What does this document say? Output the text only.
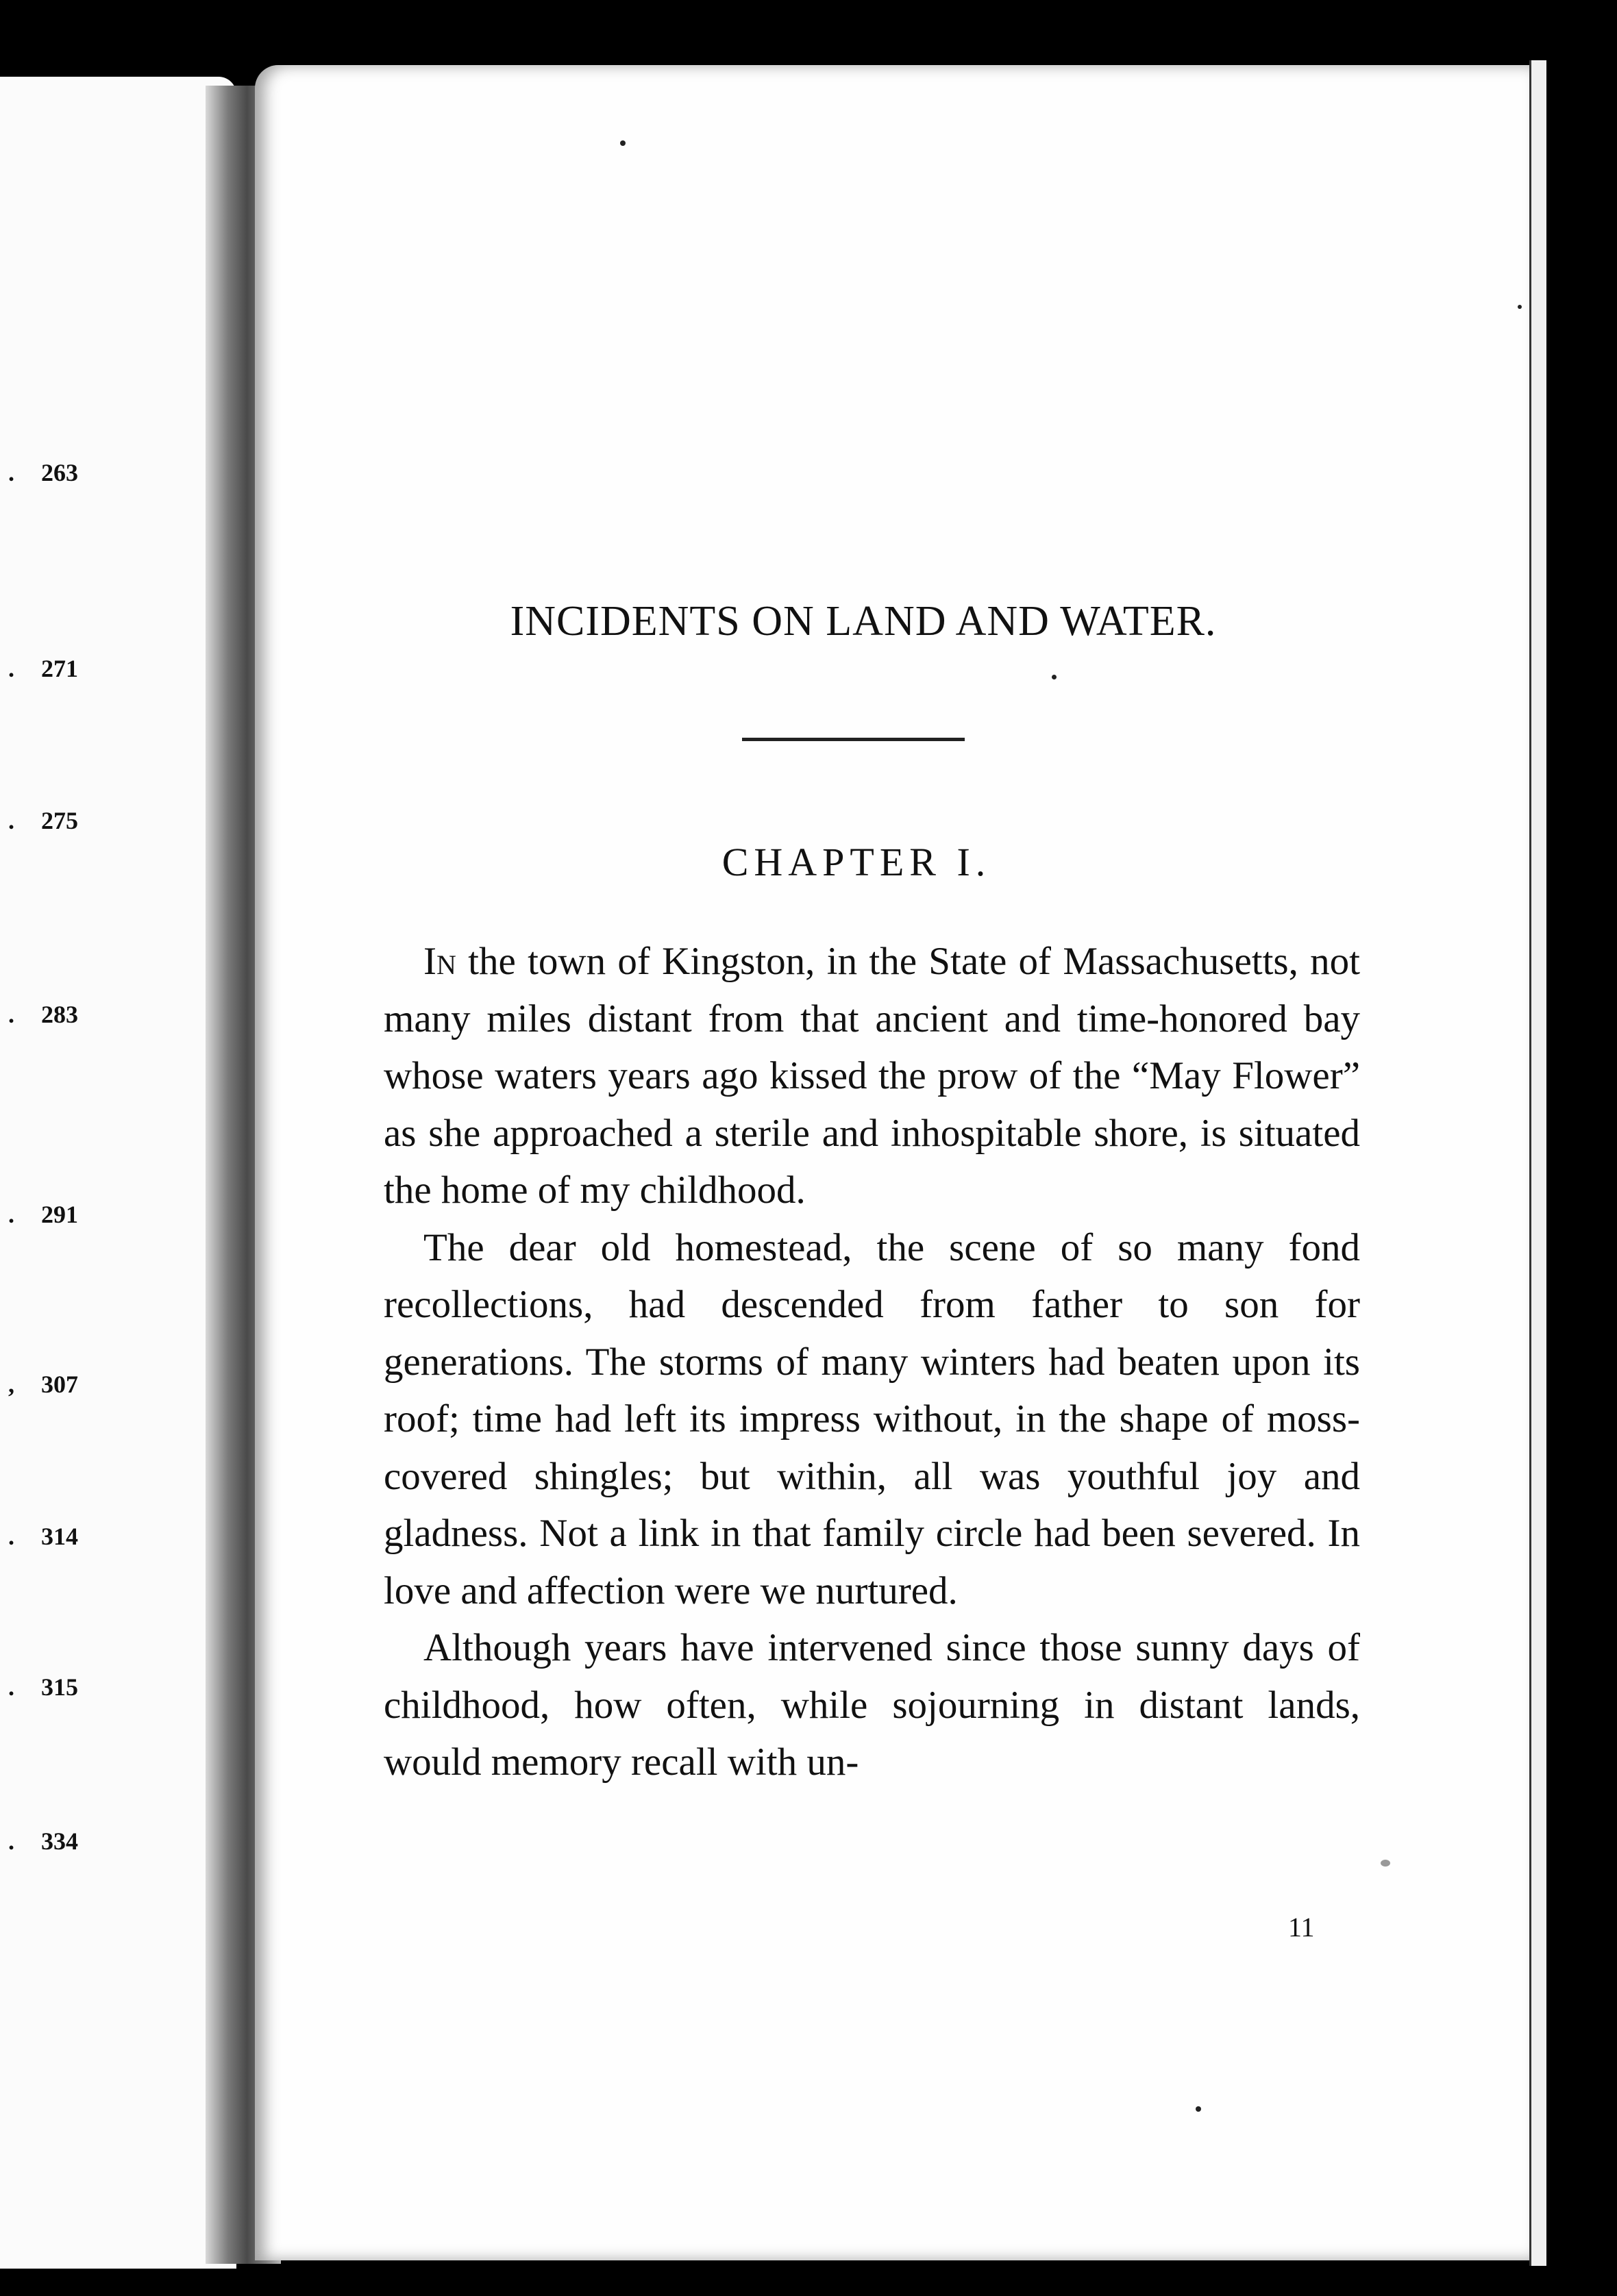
. 263
. 271
. 275
. 283
. 291
, 307
. 314
. 315
. 334
INCIDENTS ON LAND AND WATER.
CHAPTER I.

In the town of Kingston, in the State of Massachusetts, not many miles distant from that ancient and time-honored bay whose waters years ago kissed the prow of the “May Flower” as she approached a sterile and inhospitable shore, is situated the home of my childhood.

The dear old homestead, the scene of so many fond recollections, had descended from father to son for generations. The storms of many winters had beaten upon its roof; time had left its impress without, in the shape of moss-covered shingles; but within, all was youthful joy and gladness. Not a link in that family circle had been severed. In love and affection were we nurtured.

Although years have intervened since those sunny days of childhood, how often, while sojourning in distant lands, would memory recall with un-

11
